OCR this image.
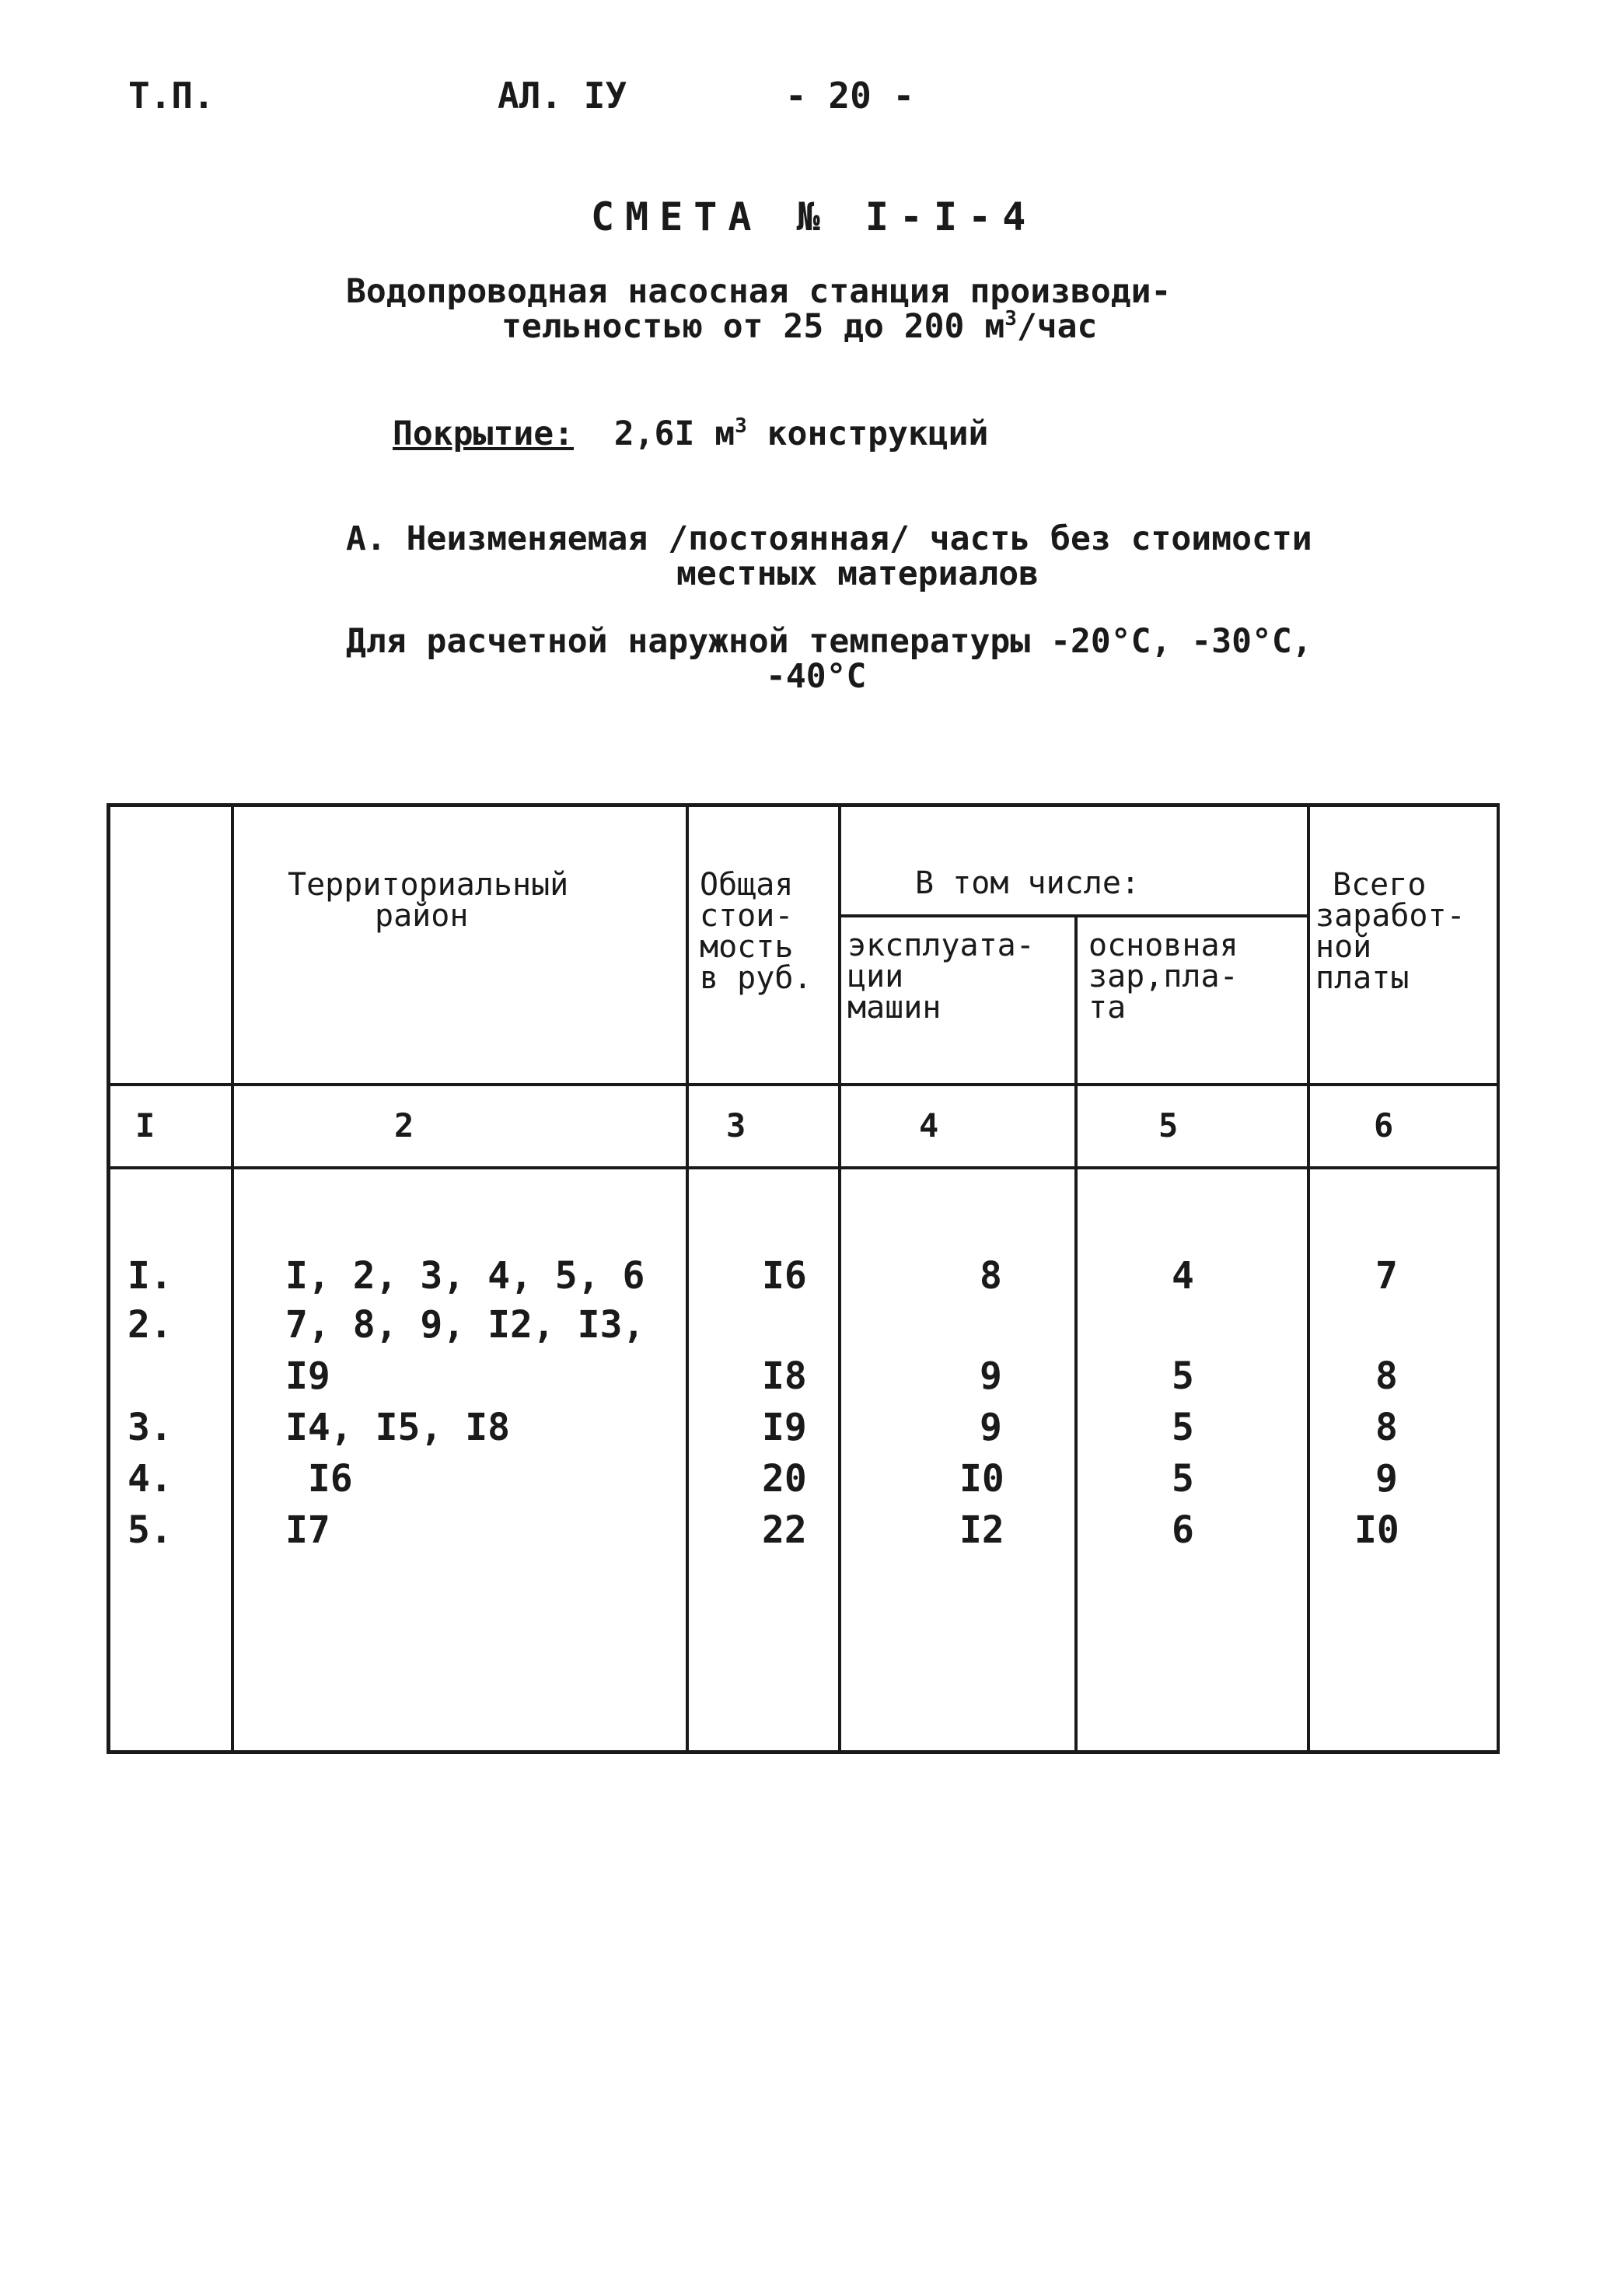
Т.П.	АЛ. IУ	- 20 -
СМЕТА № I-I-4
Водопроводная насосная станция производи-
тельностью от 25 до 200 $м^3$/час
Покрытие: 2,6I $м^3$ конструкций
А. Неизменяемая /постоянная/ часть без стоимости
местных материалов
Для расчетной наружной температуры -20°С, -30°С,
-40°С
Территориальный
район
Общая
стои-
мость
в руб.
В том числе:
эксплуата-
ции
машин
основная
зар,пла-
та
Всего
заработ-
ной
платы
I	2	3	4	5	6
I.	I, 2, 3, 4, 5, 6	I6	8	4	7
2.	7, 8, 9, I2, I3,
I9	I8	9	5	8
3.	I4, I5, I8	I9	9	5	8
4.	I6	20	I0	5	9
5.	I7	22	I2	6	I0
